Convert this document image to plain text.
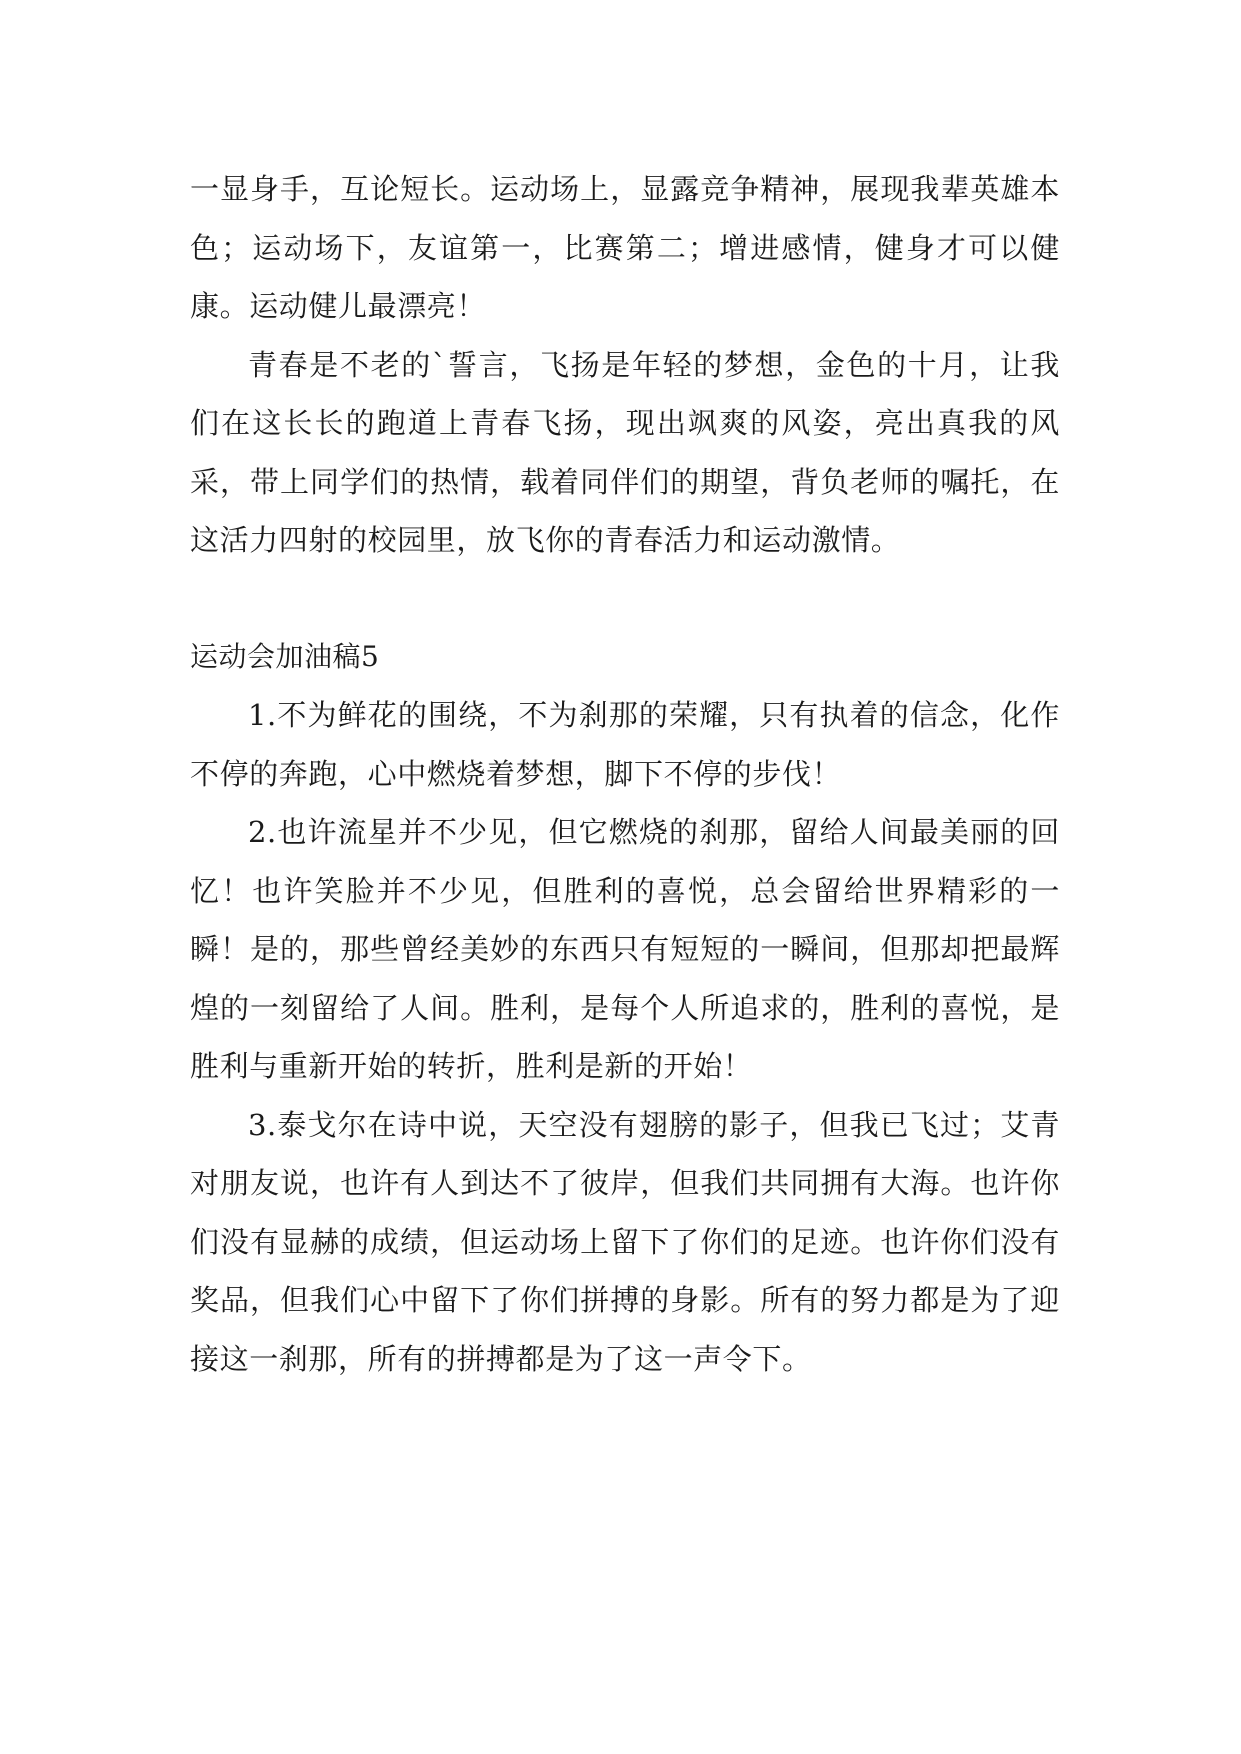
一显身手，互论短长。运动场上，显露竞争精神，展现我辈英雄本色；运动场下，友谊第一，比赛第二；增进感情，健身才可以健康。运动健儿最漂亮！

青春是不老的`誓言，飞扬是年轻的梦想，金色的十月，让我们在这长长的跑道上青春飞扬，现出飒爽的风姿，亮出真我的风采，带上同学们的热情，载着同伴们的期望，背负老师的嘱托，在这活力四射的校园里，放飞你的青春活力和运动激情。

运动会加油稿5

1.不为鲜花的围绕，不为刹那的荣耀，只有执着的信念，化作不停的奔跑，心中燃烧着梦想，脚下不停的步伐！

2.也许流星并不少见，但它燃烧的刹那，留给人间最美丽的回忆！也许笑脸并不少见，但胜利的喜悦，总会留给世界精彩的一瞬！是的，那些曾经美妙的东西只有短短的一瞬间，但那却把最辉煌的一刻留给了人间。胜利，是每个人所追求的，胜利的喜悦，是胜利与重新开始的转折，胜利是新的开始！

3.泰戈尔在诗中说，天空没有翅膀的影子，但我已飞过；艾青对朋友说，也许有人到达不了彼岸，但我们共同拥有大海。也许你们没有显赫的成绩，但运动场上留下了你们的足迹。也许你们没有奖品，但我们心中留下了你们拼搏的身影。所有的努力都是为了迎接这一刹那，所有的拼搏都是为了这一声令下。
